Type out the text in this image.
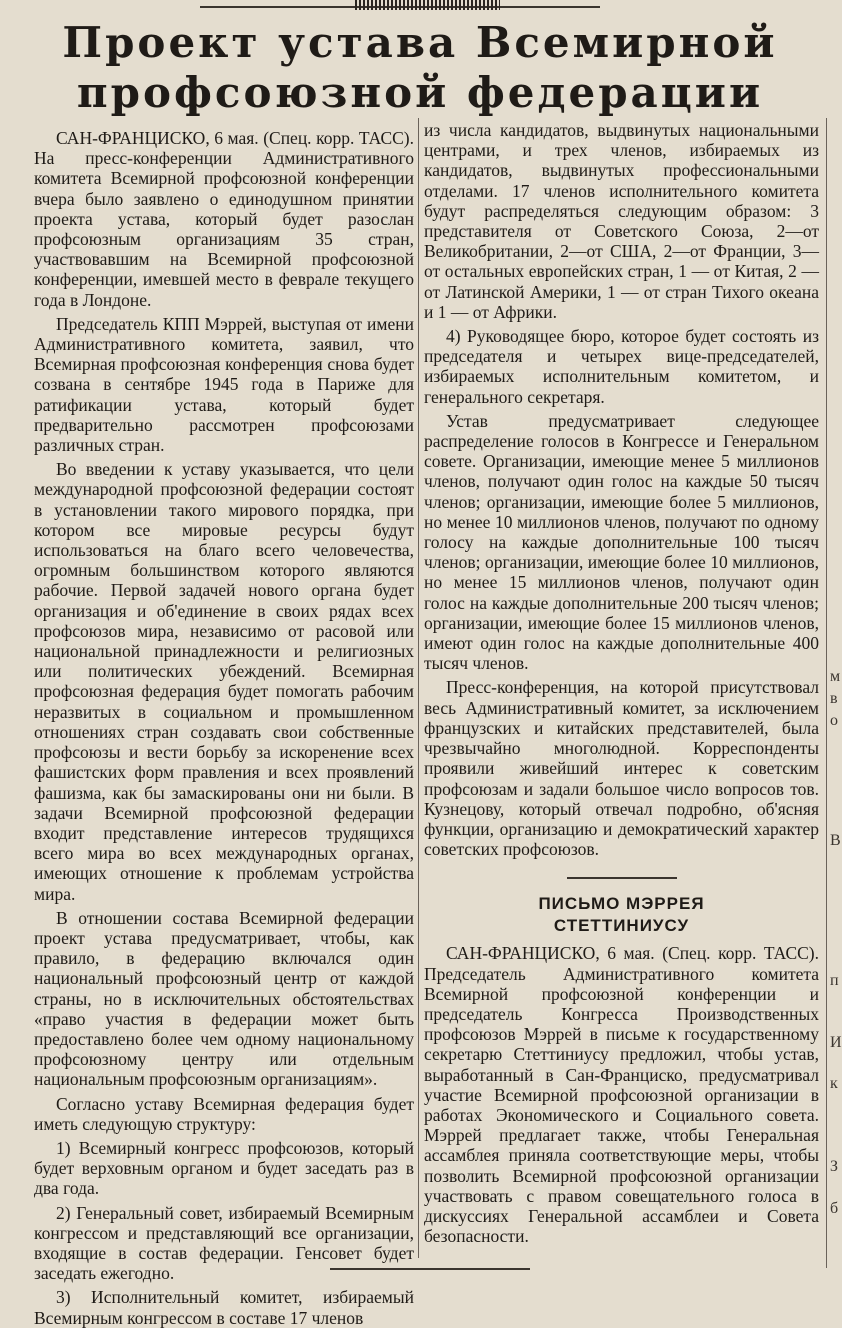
Проект устава Всемирной
профсоюзной федерации

САН-ФРАНЦИСКО, 6 мая. (Спец. корр. ТАСС). На пресс-конференции Административного комитета Всемирной профсоюзной конференции вчера было заявлено о единодушном принятии проекта устава, который будет разослан профсоюзным организациям 35 стран, участвовавшим на Всемирной профсоюзной конференции, имевшей место в феврале текущего года в Лондоне.

Председатель КПП Мэррей, выступая от имени Административного комитета, заявил, что Всемирная профсоюзная конференция снова будет созвана в сентябре 1945 года в Париже для ратификации устава, который будет предварительно рассмотрен профсоюзами различных стран.

Во введении к уставу указывается, что цели международной профсоюзной федерации состоят в установлении такого мирового порядка, при котором все мировые ресурсы будут использоваться на благо всего человечества, огромным большинством которого являются рабочие. Первой задачей нового органа будет организация и об'единение в своих рядах всех профсоюзов мира, независимо от расовой или национальной принадлежности и религиозных или политических убеждений. Всемирная профсоюзная федерация будет помогать рабочим неразвитых в социальном и промышленном отношениях стран создавать свои собственные профсоюзы и вести борьбу за искоренение всех фашистских форм правления и всех проявлений фашизма, как бы замаскированы они ни были. В задачи Всемирной профсоюзной федерации входит представление интересов трудящихся всего мира во всех международных органах, имеющих отношение к проблемам устройства мира.

В отношении состава Всемирной федерации проект устава предусматривает, чтобы, как правило, в федерацию включался один национальный профсоюзный центр от каждой страны, но в исключительных обстоятельствах «право участия в федерации может быть предоставлено более чем одному национальному профсоюзному центру или отдельным национальным профсоюзным организациям».

Согласно уставу Всемирная федерация будет иметь следующую структуру:

1) Всемирный конгресс профсоюзов, который будет верховным органом и будет заседать раз в два года.

2) Генеральный совет, избираемый Всемирным конгрессом и представляющий все организации, входящие в состав федерации. Генсовет будет заседать ежегодно.

3) Исполнительный комитет, избираемый Всемирным конгрессом в составе 17 членов

из числа кандидатов, выдвинутых национальными центрами, и трех членов, избираемых из кандидатов, выдвинутых профессиональными отделами. 17 членов исполнительного комитета будут распределяться следующим образом: 3 представителя от Советского Союза, 2—от Великобритании, 2—от США, 2—от Франции, 3—от остальных европейских стран, 1 — от Китая, 2 — от Латинской Америки, 1 — от стран Тихого океана и 1 — от Африки.

4) Руководящее бюро, которое будет состоять из председателя и четырех вице-председателей, избираемых исполнительным комитетом, и генерального секретаря.

Устав предусматривает следующее распределение голосов в Конгрессе и Генеральном совете. Организации, имеющие менее 5 миллионов членов, получают один голос на каждые 50 тысяч членов; организации, имеющие более 5 миллионов, но менее 10 миллионов членов, получают по одному голосу на каждые дополнительные 100 тысяч членов; организации, имеющие более 10 миллионов, но менее 15 миллионов членов, получают один голос на каждые дополнительные 200 тысяч членов; организации, имеющие более 15 миллионов членов, имеют один голос на каждые дополнительные 400 тысяч членов.

Пресс-конференция, на которой присутствовал весь Административный комитет, за исключением французских и китайских представителей, была чрезвычайно многолюдной. Корреспонденты проявили живейший интерес к советским профсоюзам и задали большое число вопросов тов. Кузнецову, который отвечал подробно, об'ясняя функции, организацию и демократический характер советских профсоюзов.

ПИСЬМО МЭРРЕЯ
СТЕТТИНИУСУ

САН-ФРАНЦИСКО, 6 мая. (Спец. корр. ТАСС). Председатель Административного комитета Всемирной профсоюзной конференции и председатель Конгресса Производственных профсоюзов Мэррей в письме к государственному секретарю Стеттиниусу предложил, чтобы устав, выработанный в Сан-Франциско, предусматривал участие Всемирной профсоюзной организации в работах Экономического и Социального совета. Мэррей предлагает также, чтобы Генеральная ассамблея приняла соответствующие меры, чтобы позволить Всемирной профсоюзной организации участвовать с правом совещательного голоса в дискуссиях Генеральной ассамблеи и Совета безопасности.

м
в
о
В
п
И
к
З
б
